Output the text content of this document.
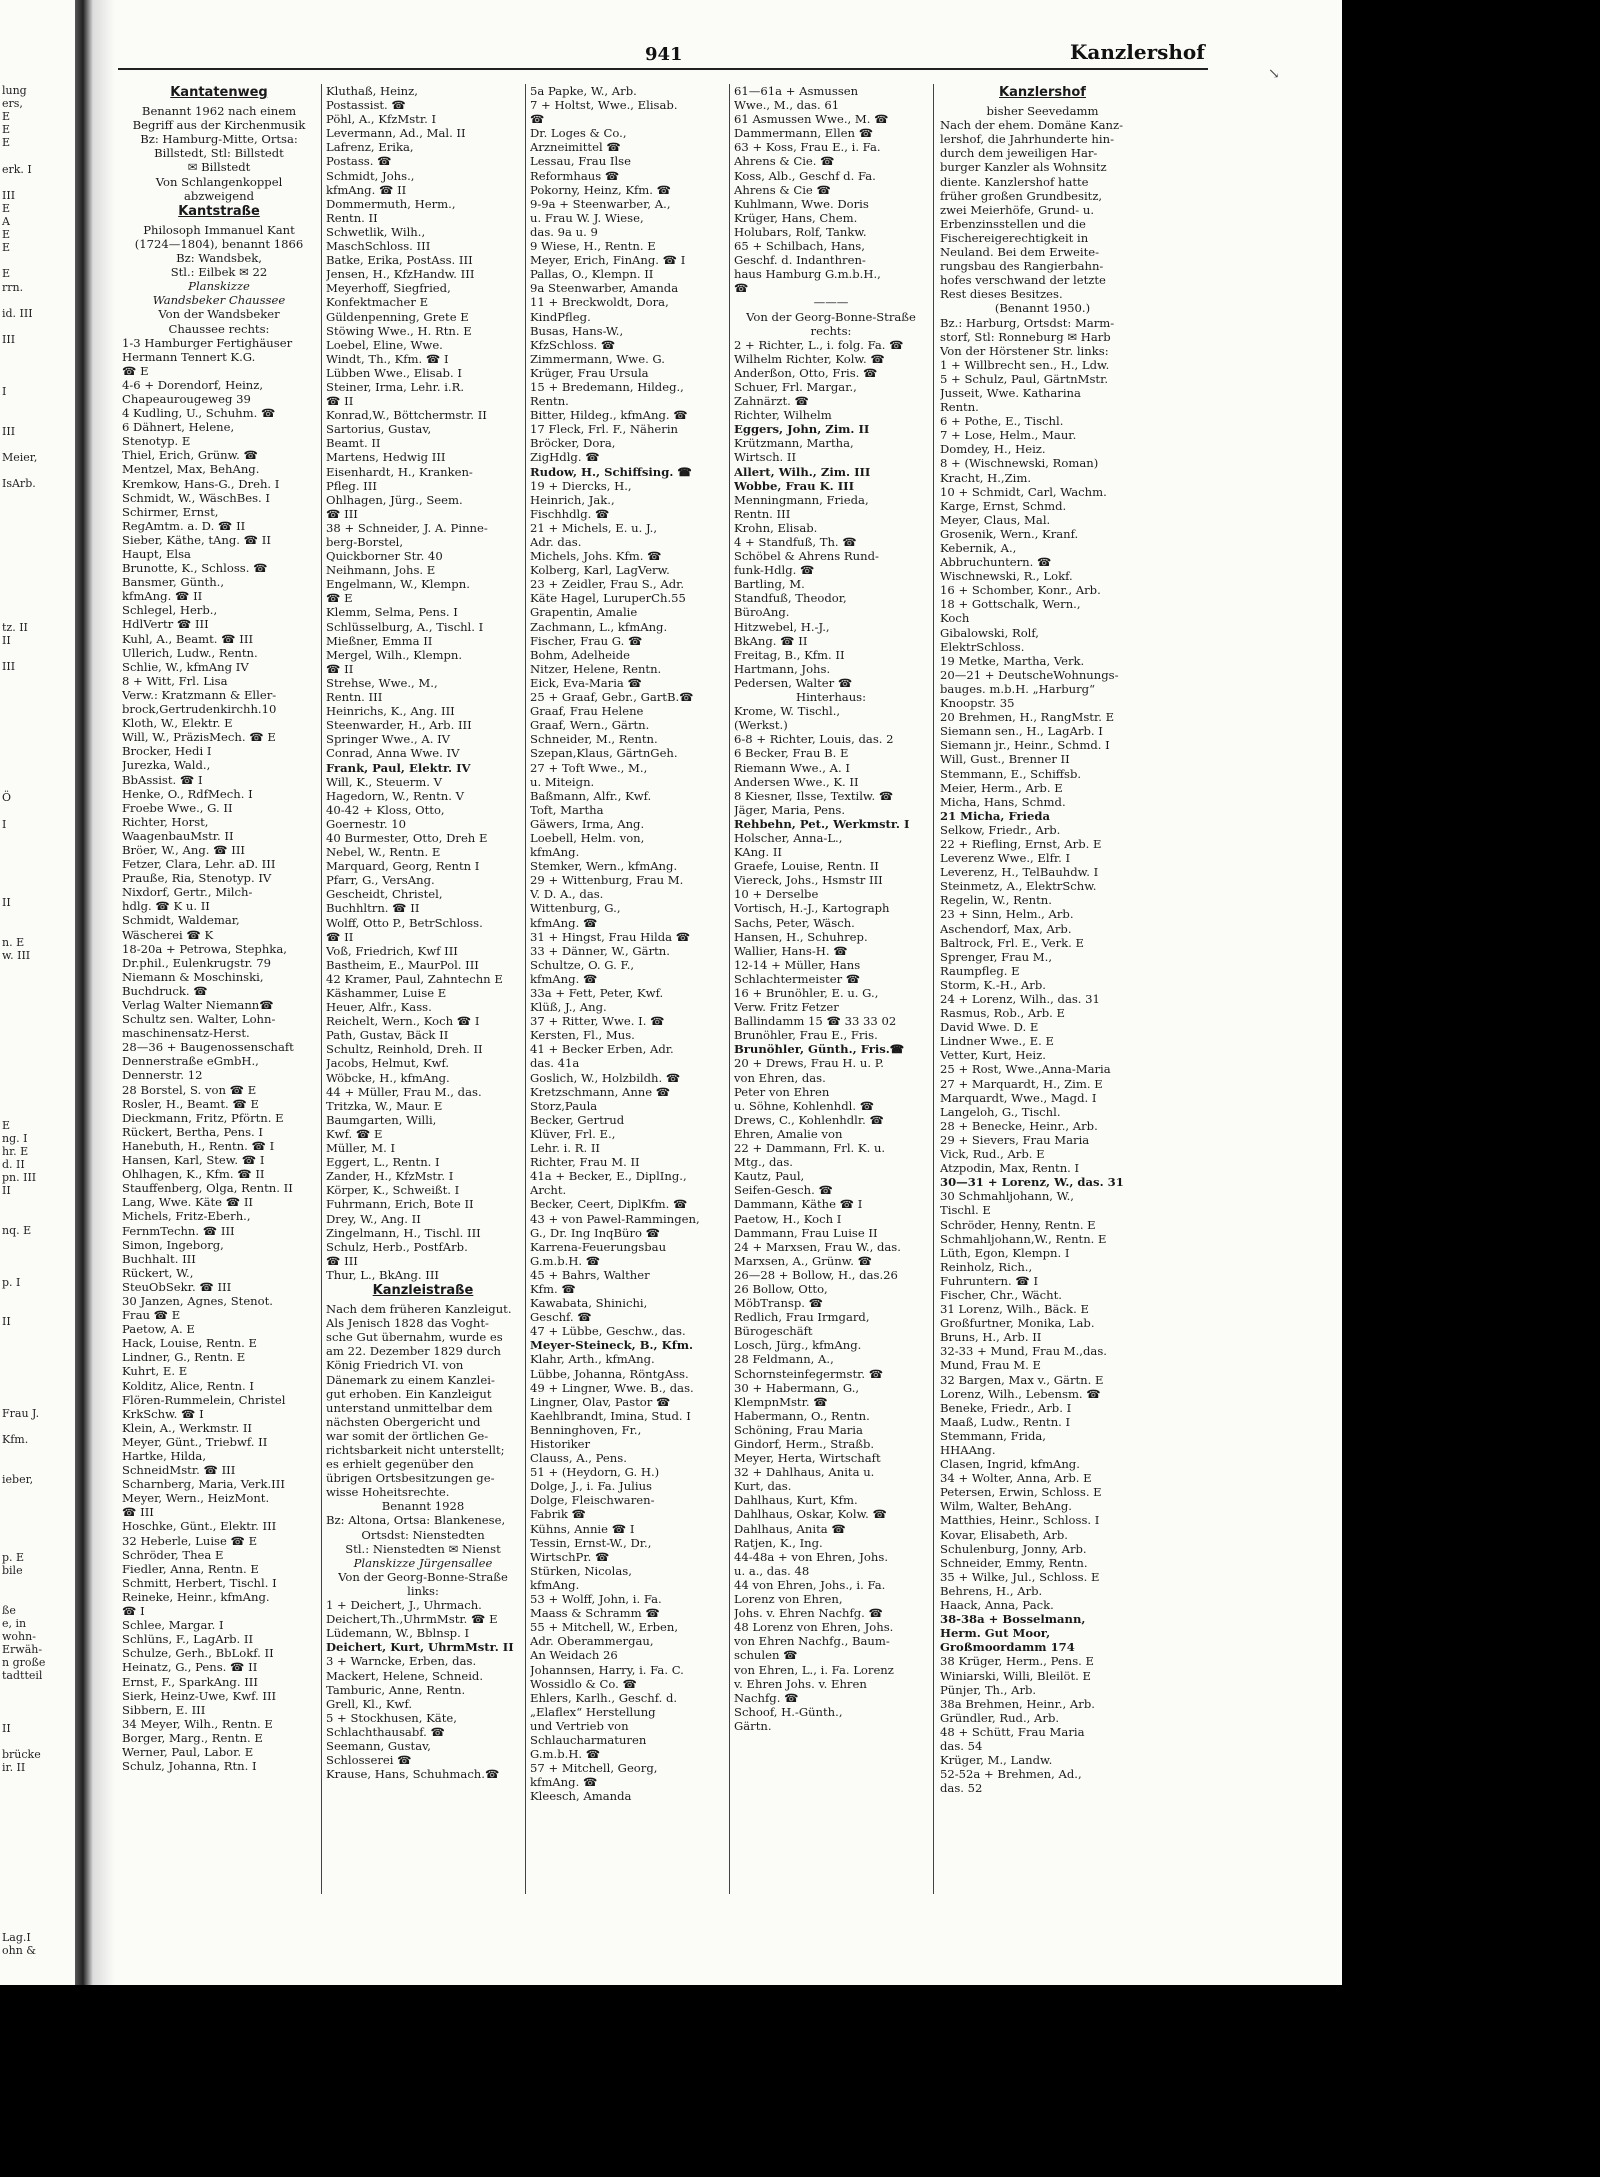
lung
ers,
E
E
E
erk. I
III
E
A
E
E
E
rrn.
id. III
III
I
III
Meier,
IsArb.
tz. II
II
III
Ö
I
II
n. E
w. III
E
ng. I
hr. E
d. II
pn. III
II
nq. E
p. I
II
Frau J.
Kfm.
ieber,
p. E
bile
ße
e, in
wohn-
Erwäh-
n große
tadtteil
II
brücke
ir. II
Lag.I
ohn &
941	Kanzlershof
Kantatenweg
Benannt 1962 nach einem
Begriff aus der Kirchenmusik
Bz: Hamburg-Mitte, Ortsa:
Billstedt, Stl: Billstedt
✉ Billstedt
Von Schlangenkoppel
abzweigend
Kantstraße
Philosoph Immanuel Kant
(1724—1804), benannt 1866
Bz: Wandsbek,
Stl.: Eilbek ✉ 22
Planskizze
Wandsbeker Chaussee
Von der Wandsbeker
Chaussee rechts:
1-3 Hamburger Fertighäuser
Hermann Tennert K.G.
☎ E
4-6 + Dorendorf, Heinz,
Chapeaurougeweg 39
4 Kudling, U., Schuhm. ☎
6 Dähnert, Helene,
Stenotyp. E
Thiel, Erich, Grünw. ☎
Mentzel, Max, BehAng.
Kremkow, Hans-G., Dreh. I
Schmidt, W., WäschBes. I
Schirmer, Ernst,
RegAmtm. a. D. ☎ II
Sieber, Käthe, tAng. ☎ II
Haupt, Elsa
Brunotte, K., Schloss. ☎
Bansmer, Günth.,
kfmAng. ☎ II
Schlegel, Herb.,
HdlVertr ☎ III
Kuhl, A., Beamt. ☎ III
Ullerich, Ludw., Rentn.
Schlie, W., kfmAng IV
8 + Witt, Frl. Lisa
Verw.: Kratzmann & Eller-
brock,Gertrudenkirchh.10
Kloth, W., Elektr. E
Will, W., PräzisMech. ☎ E
Brocker, Hedi I
Jurezka, Wald.,
BbAssist. ☎ I
Henke, O., RdfMech. I
Froebe Wwe., G. II
Richter, Horst,
WaagenbauMstr. II
Bröer, W., Ang. ☎ III
Fetzer, Clara, Lehr. aD. III
Prauße, Ria, Stenotyp. IV
Nixdorf, Gertr., Milch-
hdlg. ☎ K u. II
Schmidt, Waldemar,
Wäscherei ☎ K
18-20a + Petrowa, Stephka,
Dr.phil., Eulenkrugstr. 79
Niemann & Moschinski,
Buchdruck. ☎
Verlag Walter Niemann☎
Schultz sen. Walter, Lohn-
maschinensatz-Herst.
28—36 + Baugenossenschaft
Dennerstraße eGmbH.,
Dennerstr. 12
28 Borstel, S. von ☎ E
Rosler, H., Beamt. ☎ E
Dieckmann, Fritz, Pförtn. E
Rückert, Bertha, Pens. I
Hanebuth, H., Rentn. ☎ I
Hansen, Karl, Stew. ☎ I
Ohlhagen, K., Kfm. ☎ II
Stauffenberg, Olga, Rentn. II
Lang, Wwe. Käte ☎ II
Michels, Fritz-Eberh.,
FernmTechn. ☎ III
Simon, Ingeborg,
Buchhalt. III
Rückert, W.,
StеuObSekr. ☎ III
30 Janzen, Agnes, Stenot.
Frau ☎ E
Paetow, A. E
Hack, Louise, Rentn. E
Lindner, G., Rentn. E
Kuhrt, E. E
Kolditz, Alice, Rentn. I
Flören-Rummelein, Christel
KrkSchw. ☎ I
Klein, A., Werkmstr. II
Meyer, Günt., Triebwf. II
Hartke, Hilda,
SchneidMstr. ☎ III
Scharnberg, Maria, Verk.III
Meyer, Wern., HeizMont.
☎ III
Hoschke, Günt., Elektr. III
32 Heberle, Luise ☎ E
Schröder, Thea E
Fiedler, Anna, Rentn. E
Schmitt, Herbert, Tischl. I
Reineke, Heinr., kfmAng.
☎ I
Schlee, Margar. I
Schlüns, F., LagArb. II
Schulze, Gerh., BbLokf. II
Heinatz, G., Pens. ☎ II
Ernst, F., SparkAng. III
Sierk, Heinz-Uwe, Kwf. III
Sibbern, E. III
34 Meyer, Wilh., Rentn. E
Borger, Marg., Rentn. E
Werner, Paul, Labor. E
Schulz, Johanna, Rtn. I
Kluthaß, Heinz,
Postassist. ☎
Pöhl, A., KfzMstr. I
Levermann, Ad., Mal. II
Lafrenz, Erika,
Postass. ☎
Schmidt, Johs.,
kfmAng. ☎ II
Dommermuth, Herm.,
Rentn. II
Schwetlik, Wilh.,
MaschSchloss. III
Batke, Erika, PostAss. III
Jensen, H., KfzHandw. III
Meyerhoff, Siegfried,
Konfektmacher E
Güldenpenning, Grete E
Stöwing Wwe., H. Rtn. E
Loebel, Eline, Wwe.
Windt, Th., Kfm. ☎ I
Lübben Wwe., Elisab. I
Steiner, Irma, Lehr. i.R.
☎ II
Konrad,W., Böttchermstr. II
Sartorius, Gustav,
Beamt. II
Martens, Hedwig III
Eisenhardt, H., Kranken-
Pfleg. III
Ohlhagen, Jürg., Seem.
☎ III
38 + Schneider, J. A. Pinne-
berg-Borstel,
Quickborner Str. 40
Neihmann, Johs. E
Engelmann, W., Klempn.
☎ E
Klemm, Selma, Pens. I
Schlüsselburg, A., Tischl. I
Mießner, Emma II
Mergel, Wilh., Klempn.
☎ II
Strehse, Wwe., M.,
Rentn. III
Heinrichs, K., Ang. III
Steenwarder, H., Arb. III
Springer Wwe., A. IV
Conrad, Anna Wwe. IV
Frank, Paul, Elektr. IV
Will, K., Steuerm. V
Hagedorn, W., Rentn. V
40-42 + Kloss, Otto,
Goernestr. 10
40 Burmester, Otto, Dreh E
Nebel, W., Rentn. E
Marquard, Georg, Rentn I
Pfarr, G., VersAng.
Gescheidt, Christel,
Buchhltrn. ☎ II
Wolff, Otto P., BetrSchloss.
☎ II
Voß, Friedrich, Kwf III
Bastheim, E., MaurPol. III
42 Kramer, Paul, Zahntechn E
Käshammer, Luise E
Heuer, Alfr., Kass.
Reichelt, Wern., Koch ☎ I
Path, Gustav, Bäck II
Schultz, Reinhold, Dreh. II
Jacobs, Helmut, Kwf.
Wöbcke, H., kfmAng.
44 + Müller, Frau M., das.
Tritzka, W., Maur. E
Baumgarten, Willi,
Kwf. ☎ E
Müller, M. I
Eggert, L., Rentn. I
Zander, H., KfzMstr. I
Körper, K., Schweißt. I
Fuhrmann, Erich, Bote II
Drey, W., Ang. II
Zingelmann, H., Tischl. III
Schulz, Herb., PostfArb.
☎ III
Thur, L., BkAng. III
Kanzleistraße
Nach dem früheren Kanzleigut.
Als Jenisch 1828 das Voght-
sche Gut übernahm, wurde es
am 22. Dezember 1829 durch
König Friedrich VI. von
Dänemark zu einem Kanzlei-
gut erhoben. Ein Kanzleigut
unterstand unmittelbar dem
nächsten Obergericht und
war somit der örtlichen Ge-
richtsbarkeit nicht unterstellt;
es erhielt gegenüber den
übrigen Ortsbesitzungen ge-
wisse Hoheitsrechte.
Benannt 1928
Bz: Altona, Ortsa: Blankenese,
Ortsdst: Nienstedten
Stl.: Nienstedten ✉ Nienst
Planskizze Jürgensallee
Von der Georg-Bonne-Straße
links:
1 + Deichert, J., Uhrmach.
Deichert,Th.,UhrmMstr. ☎ E
Lüdemann, W., Bblnsp. I
Deichert, Kurt, UhrmMstr. II
3 + Warncke, Erben, das.
Mackert, Helene, Schneid.
Tamburic, Anne, Rentn.
Grell, Kl., Kwf.
5 + Stockhusen, Käte,
Schlachthausabf. ☎
Seemann, Gustav,
Schlosserei ☎
Krause, Hans, Schuhmach.☎
5a Papke, W., Arb.
7 + Holtst, Wwe., Elisab.
☎
Dr. Loges & Co.,
Arzneimittel ☎
Lessau, Frau Ilse
Reformhaus ☎
Pokorny, Heinz, Kfm. ☎
9-9a + Steenwarber, A.,
u. Frau W. J. Wiese,
das. 9a u. 9
9 Wiese, H., Rentn. E
Meyer, Erich, FinAng. ☎ I
Pallas, O., Klempn. II
9a Steenwarber, Amanda
11 + Breckwoldt, Dora,
KindPfleg.
Busas, Hans-W.,
KfzSchloss. ☎
Zimmermann, Wwe. G.
Krüger, Frau Ursula
15 + Bredemann, Hildeg.,
Rentn.
Bitter, Hildeg., kfmAng. ☎
17 Fleck, Frl. F., Näherin
Bröcker, Dora,
ZigHdlg. ☎
Rudow, H., Schiffsing. ☎
19 + Diercks, H.,
Heinrich, Jak.,
Fischhdlg. ☎
21 + Michels, E. u. J.,
Adr. das.
Michels, Johs. Kfm. ☎
Kolberg, Karl, LagVerw.
23 + Zeidler, Frau S., Adr.
Käte Hagel, LuruperCh.55
Grapentin, Amalie
Zachmann, L., kfmAng.
Fischer, Frau G. ☎
Bohm, Adelheide
Nitzer, Helene, Rentn.
Eick, Eva-Maria ☎
25 + Graaf, Gebr., GartB.☎
Graaf, Frau Helene
Graaf, Wern., Gärtn.
Schneider, M., Rentn.
Szepan,Klaus, GärtnGeh.
27 + Toft Wwe., M.,
u. Miteign.
Baßmann, Alfr., Kwf.
Toft, Martha
Gäwers, Irma, Ang.
Loebell, Helm. von,
kfmAng.
Stemker, Wern., kfmAng.
29 + Wittenburg, Frau M.
V. D. A., das.
Wittenburg, G.,
kfmAng. ☎
31 + Hingst, Frau Hilda ☎
33 + Dänner, W., Gärtn.
Schultze, O. G. F.,
kfmAng. ☎
33a + Fett, Peter, Kwf.
Klüß, J., Ang.
37 + Ritter, Wwe. I. ☎
Kersten, Fl., Mus.
41 + Becker Erben, Adr.
das. 41a
Goslich, W., Holzbildh. ☎
Kretzschmann, Anne ☎
Storz,Paula
Becker, Gertrud
Klüver, Frl. E.,
Lehr. i. R. II
Richter, Frau M. II
41a + Becker, E., DiplIng.,
Archt.
Becker, Ceert, DiplKfm. ☎
43 + von Pawel-Rammingen,
G., Dr. Ing InqBüro ☎
Karrena-Feuerungsbau
G.m.b.H. ☎
45 + Bahrs, Walther
Kfm. ☎
Kawabata, Shinichi,
Geschf. ☎
47 + Lübbe, Geschw., das.
Meyer-Steineck, B., Kfm.
Klahr, Arth., kfmAng.
Lübbe, Johanna, RöntgAss.
49 + Lingner, Wwe. B., das.
Lingner, Olav, Pastor ☎
Kaehlbrandt, Imina, Stud. I
Benninghoven, Fr.,
Historiker
Clauss, A., Pens.
51 + (Heydorn, G. H.)
Dolge, J., i. Fa. Julius
Dolge, Fleischwaren-
Fabrik ☎
Kühns, Annie ☎ I
Tessin, Ernst-W., Dr.,
WirtschPr. ☎
Stürken, Nicolas,
kfmAng.
53 + Wolff, John, i. Fa.
Maass & Schramm ☎
55 + Mitchell, W., Erben,
Adr. Oberammergau,
An Weidach 26
Johannsen, Harry, i. Fa. C.
Wossidlo & Co. ☎
Ehlers, Karlh., Geschf. d.
„Elaflex“ Herstellung
und Vertrieb von
Schlaucharmaturen
G.m.b.H. ☎
57 + Mitchell, Georg,
kfmAng. ☎
Kleesch, Amanda
61—61a + Asmussen
Wwe., M., das. 61
61 Asmussen Wwe., M. ☎
Dammermann, Ellen ☎
63 + Koss, Frau E., i. Fa.
Ahrens & Cie. ☎
Koss, Alb., Geschf d. Fa.
Ahrens & Cie ☎
Kuhlmann, Wwe. Doris
Krüger, Hans, Chem.
Holubars, Rolf, Tankw.
65 + Schilbach, Hans,
Geschf. d. Indanthren-
haus Hamburg G.m.b.H.,
☎
———
Von der Georg-Bonne-Straße
rechts:
2 + Richter, L., i. folg. Fa. ☎
Wilhelm Richter, Kolw. ☎
Anderßon, Otto, Fris. ☎
Schuer, Frl. Margar.,
Zahnärzt. ☎
Richter, Wilhelm
Eggers, John, Zim. II
Krützmann, Martha,
Wirtsch. II
Allert, Wilh., Zim. III
Wobbe, Frau K. III
Menningmann, Frieda,
Rentn. III
Krohn, Elisab.
4 + Standfuß, Th. ☎
Schöbel & Ahrens Rund-
funk-Hdlg. ☎
Bartling, M.
Standfuß, Theodor,
BüroAng.
Hitzwebel, H.-J.,
BkAng. ☎ II
Freitag, B., Kfm. II
Hartmann, Johs.
Pedersen, Walter ☎
Hinterhaus:
Krome, W. Tischl.,
(Werkst.)
6-8 + Richter, Louis, das. 2
6 Becker, Frau B. E
Riemann Wwe., A. I
Andersen Wwe., K. II
8 Kiesner, Ilsse, Textilw. ☎
Jäger, Maria, Pens.
Rehbehn, Pet., Werkmstr. I
Holscher, Anna-L.,
KAng. II
Graefe, Louise, Rentn. II
Viereck, Johs., Hsmstr III
10 + Derselbe
Vortisch, H.-J., Kartograph
Sachs, Peter, Wäsch.
Hansen, H., Schuhrep.
Wallier, Hans-H. ☎
12-14 + Müller, Hans
Schlachtermeister ☎
16 + Brunöhler, E. u. G.,
Verw. Fritz Fetzer
Ballindamm 15 ☎ 33 33 02
Brunöhler, Frau E., Fris.
Brunöhler, Günth., Fris.☎
20 + Drews, Frau H. u. P.
von Ehren, das.
Peter von Ehren
u. Söhne, Kohlenhdl. ☎
Drews, C., Kohlenhdlr. ☎
Ehren, Amalie von
22 + Dammann, Frl. K. u.
Mtg., das.
Kautz, Paul,
Seifen-Gesch. ☎
Dammann, Käthe ☎ I
Paetow, H., Koch I
Dammann, Frau Luise II
24 + Marxsen, Frau W., das.
Marxsen, A., Grünw. ☎
26—28 + Bollow, H., das.26
26 Bollow, Otto,
MöbTransp. ☎
Redlich, Frau Irmgard,
Bürogeschäft
Losch, Jürg., kfmAng.
28 Feldmann, A.,
Schornsteinfegermstr. ☎
30 + Habermann, G.,
KlempnMstr. ☎
Habermann, O., Rentn.
Schöning, Frau Maria
Gindorf, Herm., Straßb.
Meyer, Herta, Wirtschaft
32 + Dahlhaus, Anita u.
Kurt, das.
Dahlhaus, Kurt, Kfm.
Dahlhaus, Oskar, Kolw. ☎
Dahlhaus, Anita ☎
Ratjen, K., Ing.
44-48a + von Ehren, Johs.
u. a., das. 48
44 von Ehren, Johs., i. Fa.
Lorenz von Ehren,
Johs. v. Ehren Nachfg. ☎
48 Lorenz von Ehren, Johs.
von Ehren Nachfg., Baum-
schulen ☎
von Ehren, L., i. Fa. Lorenz
v. Ehren Johs. v. Ehren
Nachfg. ☎
Schoof, H.-Günth.,
Gärtn.
Kanzlershof
bisher Seevedamm
Nach der ehem. Domäne Kanz-
lershof, die Jahrhunderte hin-
durch dem jeweiligen Har-
burger Kanzler als Wohnsitz
diente. Kanzlershof hatte
früher großen Grundbesitz,
zwei Meierhöfe, Grund- u.
Erbenzinsstellen und die
Fischereigerechtigkeit in
Neuland. Bei dem Erweite-
rungsbau des Rangierbahn-
hofes verschwand der letzte
Rest dieses Besitzes.
(Benannt 1950.)
Bz.: Harburg, Ortsdst: Marm-
storf, Stl: Ronneburg ✉ Harb
Von der Hörstener Str. links:
1 + Willbrecht sen., H., Ldw.
5 + Schulz, Paul, GärtnMstr.
Jusseit, Wwe. Katharina
Rentn.
6 + Pothe, E., Tischl.
7 + Lose, Helm., Maur.
Domdey, H., Heiz.
8 + (Wischnewski, Roman)
Kracht, H.,Zim.
10 + Schmidt, Carl, Wachm.
Karge, Ernst, Schmd.
Meyer, Claus, Mal.
Grosenik, Wern., Kranf.
Kebernik, A.,
Abbruchuntern. ☎
Wischnewski, R., Lokf.
16 + Schomber, Konr., Arb.
18 + Gottschalk, Wern.,
Koch
Gibalowski, Rolf,
ElektrSchloss.
19 Metke, Martha, Verk.
20—21 + DeutscheWohnungs-
bauges. m.b.H. „Harburg“
Knoopstr. 35
20 Brehmen, H., RangMstr. E
Siemann sen., H., LagArb. I
Siemann jr., Heinr., Schmd. I
Will, Gust., Brenner II
Stemmann, E., Schiffsb.
Meier, Herm., Arb. E
Micha, Hans, Schmd.
21 Micha, Frieda
Selkow, Friedr., Arb.
22 + Riefling, Ernst, Arb. E
Leverenz Wwe., Elfr. I
Leverenz, H., TelBauhdw. I
Steinmetz, A., ElektrSchw.
Regelin, W., Rentn.
23 + Sinn, Helm., Arb.
Aschendorf, Max, Arb.
Baltrock, Frl. E., Verk. E
Sprenger, Frau M.,
Raumpfleg. E
Storm, K.-H., Arb.
24 + Lorenz, Wilh., das. 31
Rasmus, Rob., Arb. E
David Wwe. D. E
Lindner Wwe., E. E
Vetter, Kurt, Heiz.
25 + Rost, Wwe.,Anna-Maria
27 + Marquardt, H., Zim. E
Marquardt, Wwe., Magd. I
Langeloh, G., Tischl.
28 + Benecke, Heinr., Arb.
29 + Sievers, Frau Maria
Vick, Rud., Arb. E
Atzpodin, Max, Rentn. I
30—31 + Lorenz, W., das. 31
30 Schmahljohann, W.,
Tischl. E
Schröder, Henny, Rentn. E
Schmahljohann,W., Rentn. E
Lüth, Egon, Klempn. I
Reinholz, Rich.,
Fuhruntern. ☎ I
Fischer, Chr., Wächt.
31 Lorenz, Wilh., Bäck. E
Großfurtner, Monika, Lab.
Bruns, H., Arb. II
32-33 + Mund, Frau M.,das.
Mund, Frau M. E
32 Bargen, Max v., Gärtn. E
Lorenz, Wilh., Lebensm. ☎
Beneke, Friedr., Arb. I
Maaß, Ludw., Rentn. I
Stemmann, Frida,
HHAAng.
Clasen, Ingrid, kfmAng.
34 + Wolter, Anna, Arb. E
Petersen, Erwin, Schloss. E
Wilm, Walter, BehAng.
Matthies, Heinr., Schloss. I
Kovar, Elisabeth, Arb.
Schulenburg, Jonny, Arb.
Schneider, Emmy, Rentn.
35 + Wilke, Jul., Schloss. E
Behrens, H., Arb.
Haack, Anna, Pack.
38-38a + Bosselmann,
Herm. Gut Moor,
Großmoordamm 174
38 Krüger, Herm., Pens. E
Winiarski, Willi, Bleilöt. E
Pünjer, Th., Arb.
38a Brehmen, Heinr., Arb.
Gründler, Rud., Arb.
48 + Schütt, Frau Maria
das. 54
Krüger, M., Landw.
52-52a + Brehmen, Ad.,
das. 52
↘
